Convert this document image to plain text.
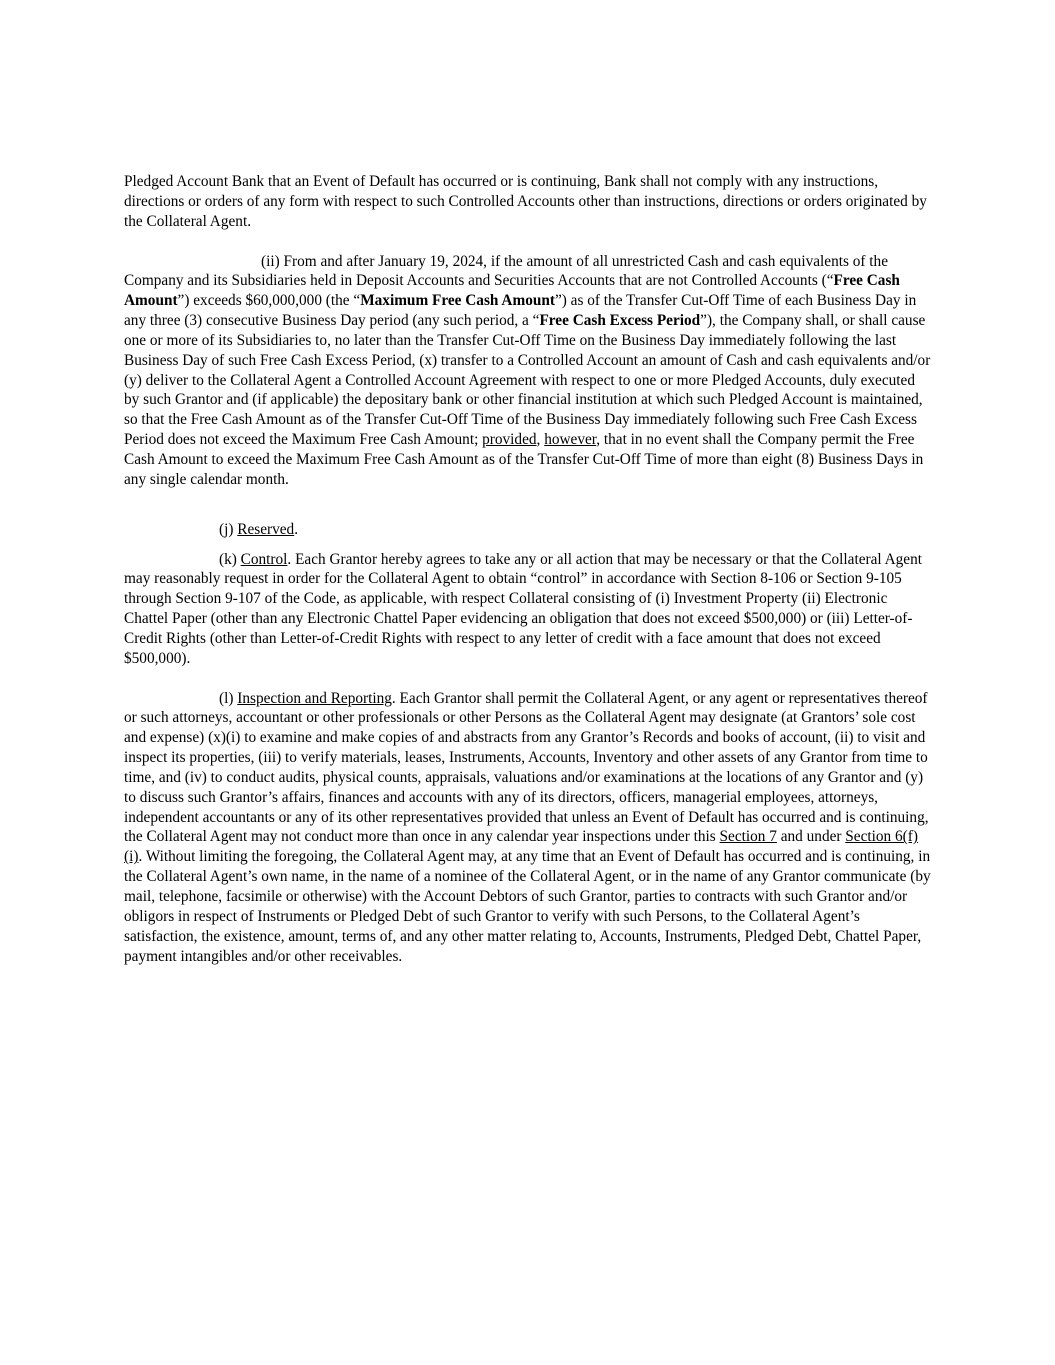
Pledged Account Bank that an Event of Default has occurred or is continuing, Bank shall not comply with any instructions, directions or orders of any form with respect to such Controlled Accounts other than instructions, directions or orders originated by the Collateral Agent.

(ii) From and after January 19, 2024, if the amount of all unrestricted Cash and cash equivalents of the Company and its Subsidiaries held in Deposit Accounts and Securities Accounts that are not Controlled Accounts (“Free Cash Amount”) exceeds $60,000,000 (the “Maximum Free Cash Amount”) as of the Transfer Cut-Off Time of each Business Day in any three (3) consecutive Business Day period (any such period, a “Free Cash Excess Period”), the Company shall, or shall cause one or more of its Subsidiaries to, no later than the Transfer Cut-Off Time on the Business Day immediately following the last Business Day of such Free Cash Excess Period, (x) transfer to a Controlled Account an amount of Cash and cash equivalents and/or (y) deliver to the Collateral Agent a Controlled Account Agreement with respect to one or more Pledged Accounts, duly executed by such Grantor and (if applicable) the depositary bank or other financial institution at which such Pledged Account is maintained, so that the Free Cash Amount as of the Transfer Cut-Off Time of the Business Day immediately following such Free Cash Excess Period does not exceed the Maximum Free Cash Amount; provided, however, that in no event shall the Company permit the Free Cash Amount to exceed the Maximum Free Cash Amount as of the Transfer Cut-Off Time of more than eight (8) Business Days in any single calendar month.

(j) Reserved.

(k) Control. Each Grantor hereby agrees to take any or all action that may be necessary or that the Collateral Agent may reasonably request in order for the Collateral Agent to obtain “control” in accordance with Section 8-106 or Section 9-105 through Section 9-107 of the Code, as applicable, with respect Collateral consisting of (i) Investment Property (ii) Electronic Chattel Paper (other than any Electronic Chattel Paper evidencing an obligation that does not exceed $500,000) or (iii) Letter-of-Credit Rights (other than Letter-of-Credit Rights with respect to any letter of credit with a face amount that does not exceed $500,000).

(l) Inspection and Reporting. Each Grantor shall permit the Collateral Agent, or any agent or representatives thereof or such attorneys, accountant or other professionals or other Persons as the Collateral Agent may designate (at Grantors’ sole cost and expense) (x)(i) to examine and make copies of and abstracts from any Grantor’s Records and books of account, (ii) to visit and inspect its properties, (iii) to verify materials, leases, Instruments, Accounts, Inventory and other assets of any Grantor from time to time, and (iv) to conduct audits, physical counts, appraisals, valuations and/or examinations at the locations of any Grantor and (y) to discuss such Grantor’s affairs, finances and accounts with any of its directors, officers, managerial employees, attorneys, independent accountants or any of its other representatives provided that unless an Event of Default has occurred and is continuing, the Collateral Agent may not conduct more than once in any calendar year inspections under this Section 7 and under Section 6(f)(i). Without limiting the foregoing, the Collateral Agent may, at any time that an Event of Default has occurred and is continuing, in the Collateral Agent’s own name, in the name of a nominee of the Collateral Agent, or in the name of any Grantor communicate (by mail, telephone, facsimile or otherwise) with the Account Debtors of such Grantor, parties to contracts with such Grantor and/or obligors in respect of Instruments or Pledged Debt of such Grantor to verify with such Persons, to the Collateral Agent’s satisfaction, the existence, amount, terms of, and any other matter relating to, Accounts, Instruments, Pledged Debt, Chattel Paper, payment intangibles and/or other receivables.
